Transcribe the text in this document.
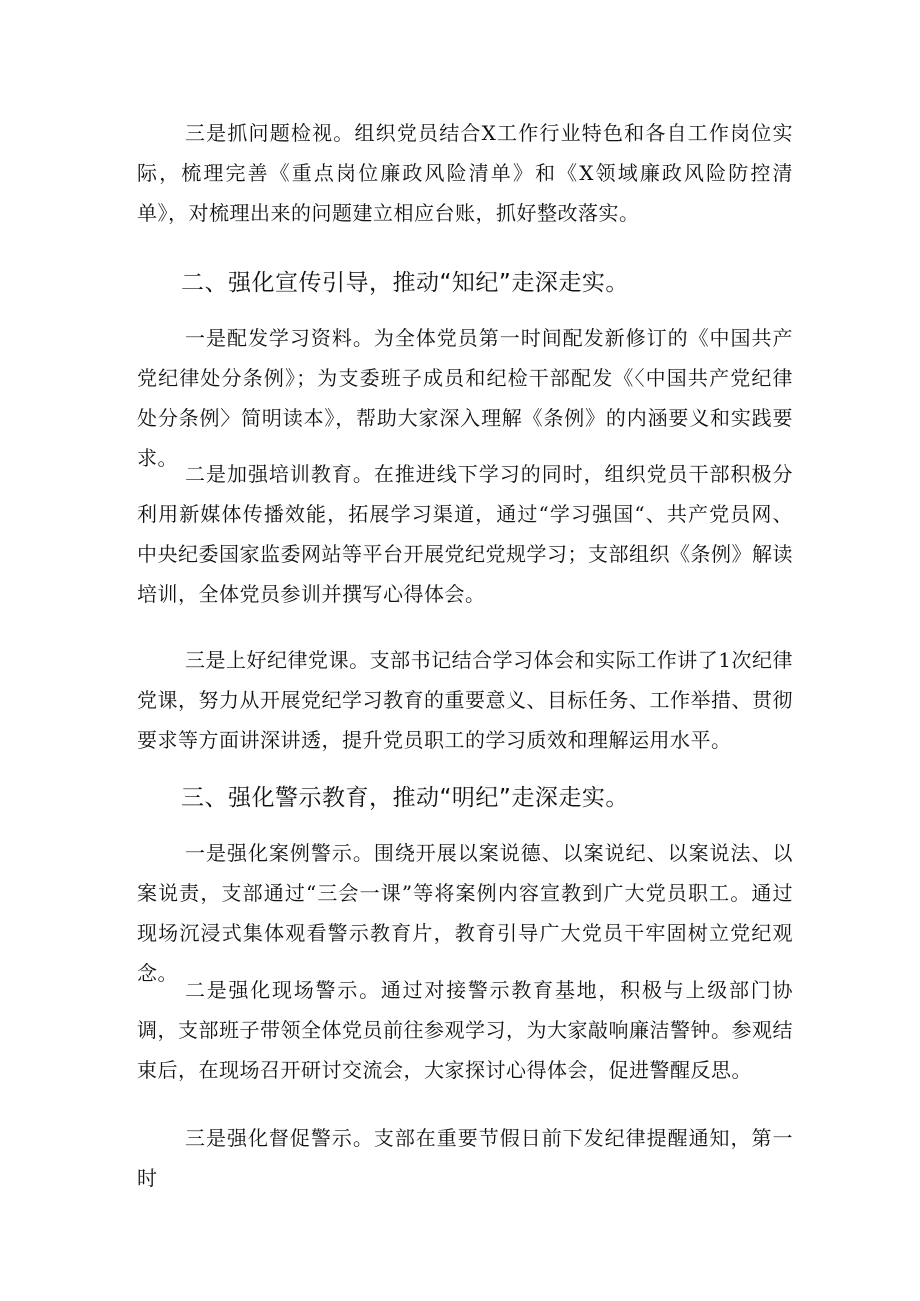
三是抓问题检视。组织党员结合X工作行业特色和各自工作岗位实际，梳理完善《重点岗位廉政风险清单》和《X领域廉政风险防控清单》，对梳理出来的问题建立相应台账，抓好整改落实。

二、强化宣传引导，推动“知纪”走深走实。

一是配发学习资料。为全体党员第一时间配发新修订的《中国共产党纪律处分条例》；为支委班子成员和纪检干部配发《〈中国共产党纪律处分条例〉简明读本》，帮助大家深入理解《条例》的内涵要义和实践要求。

二是加强培训教育。在推进线下学习的同时，组织党员干部积极分利用新媒体传播效能，拓展学习渠道，通过“学习强国“、共产党员网、中央纪委国家监委网站等平台开展党纪党规学习；支部组织《条例》解读培训，全体党员参训并撰写心得体会。

三是上好纪律党课。支部书记结合学习体会和实际工作讲了1次纪律党课，努力从开展党纪学习教育的重要意义、目标任务、工作举措、贯彻要求等方面讲深讲透，提升党员职工的学习质效和理解运用水平。

三、强化警示教育，推动“明纪”走深走实。

一是强化案例警示。围绕开展以案说德、以案说纪、以案说法、以案说责，支部通过“三会一课”等将案例内容宣教到广大党员职工。通过现场沉浸式集体观看警示教育片，教育引导广大党员干牢固树立党纪观念。

二是强化现场警示。通过对接警示教育基地，积极与上级部门协调，支部班子带领全体党员前往参观学习，为大家敲响廉洁警钟。参观结束后，在现场召开研讨交流会，大家探讨心得体会，促进警醒反思。

三是强化督促警示。支部在重要节假日前下发纪律提醒通知，第一时
